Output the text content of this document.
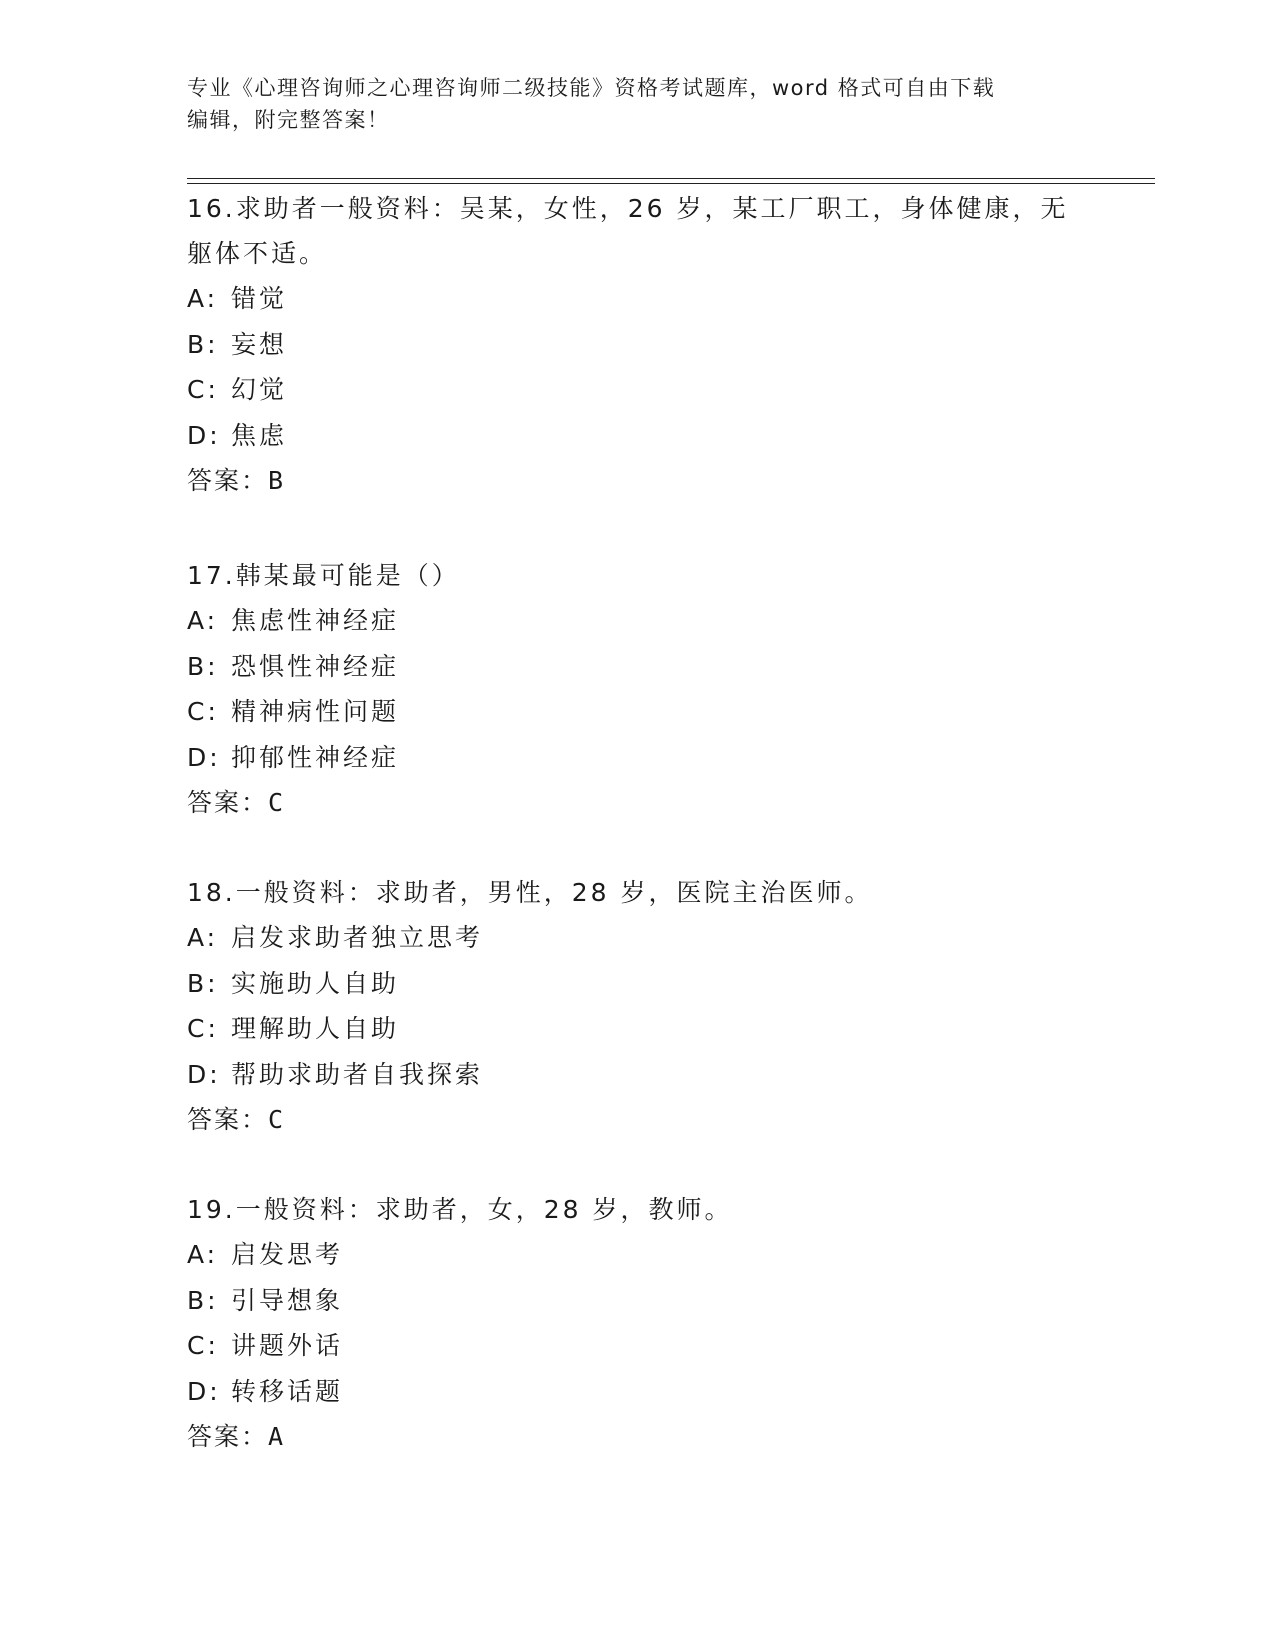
专业《心理咨询师之心理咨询师二级技能》资格考试题库，word 格式可自由下载
编辑，附完整答案！
16.求助者一般资料：吴某，女性，26 岁，某工厂职工，身体健康，无躯体不适。
A: 错觉
B: 妄想
C: 幻觉
D: 焦虑
答案：B
17.韩某最可能是（）
A: 焦虑性神经症
B: 恐惧性神经症
C: 精神病性问题
D: 抑郁性神经症
答案：C
18.一般资料：求助者，男性，28 岁，医院主治医师。
A: 启发求助者独立思考
B: 实施助人自助
C: 理解助人自助
D: 帮助求助者自我探索
答案：C
19.一般资料：求助者，女，28 岁，教师。
A: 启发思考
B: 引导想象
C: 讲题外话
D: 转移话题
答案：A
